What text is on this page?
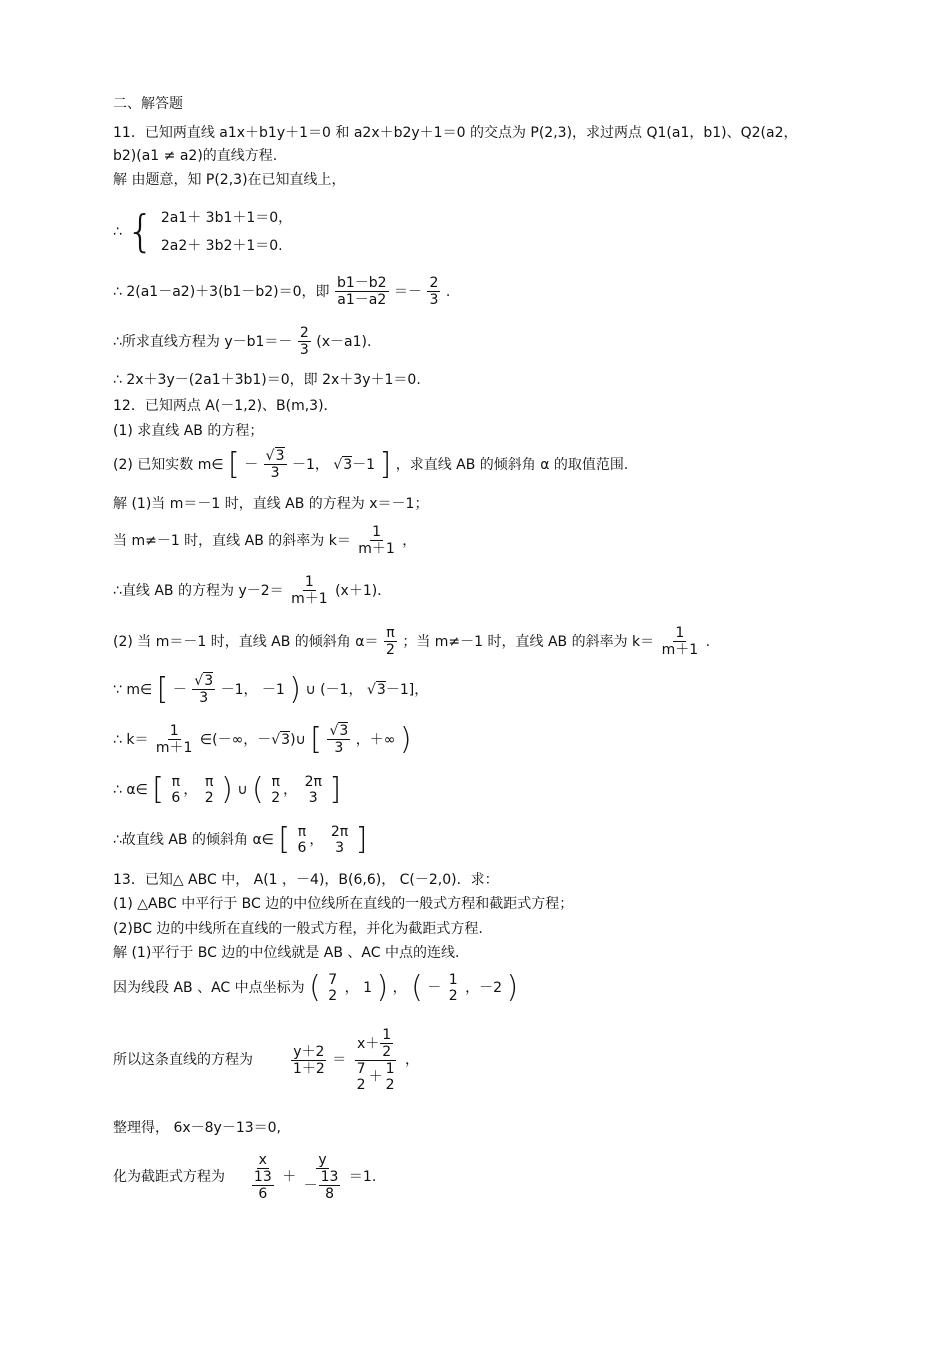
二、解答题
11．已知两直线 a1x＋b1y＋1＝0 和 a2x＋b2y＋1＝0 的交点为 P(2,3)，求过两点 Q1(a1，b1)、Q2(a2，
b2)(a1 ≠ a2)的直线方程.
解 由题意，知 P(2,3)在已知直线上，
∴ { 2a1＋ 3b1＋1＝0，
2a2＋ 3b2＋1＝0.
∴ 2(a1－a2)＋3(b1－b2)＝0，即 $\frac{b1-b2}{a1-a2} =- \frac{2}{3}$ .
∴所求直线方程为 $y-b1=- \frac{2}{3} (x-a1)$.
∴ 2x＋3y－(2a1＋3b1)＝0，即 2x＋3y＋1＝0.
12．已知两点 A(－1,2)、B(m,3)．
(1) 求直线 AB 的方程；
(2) 已知实数 m∈ [ － $\frac{√3}{3} -1$， √3－1 ] ，求直线 AB 的倾斜角 α 的取值范围.
解 (1)当 m＝－1 时，直线 AB 的方程为 x＝－1；
当 m≠－1 时，直线 AB 的斜率为 $k= \frac{1}{m+1}$ ，
∴直线 AB 的方程为 $y-2= \frac{1}{m+1} (x+1)$．
(2) 当 m＝－1 时，直线 AB 的倾斜角 $\alpha= \frac{\pi}{2}$ ；当 m≠－1 时，直线 AB 的斜率为 $k= \frac{1}{m+1}$ .
∵ m∈ [ － $\frac{√3}{3} -1$， －1 ) ∪ (－1， √3－1]，
∴ $k= \frac{1}{m+1}$ ∈(－∞，－√3)∪ [ $\frac{√3}{3}$ ，＋∞ )
∴ α∈ [ π
6 ， π
2 ) ∪ ( π
2 ， 2π
3 ]
∴故直线 AB 的倾斜角 α∈ [ π
6 ， 2π
3 ]
13．已知△ ABC 中， A(1 ，－4)，B(6,6)， C(－2,0)．求：
(1) △ABC 中平行于 BC 边的中位线所在直线的一般式方程和截距式方程；
(2)BC 边的中线所在直线的一般式方程，并化为截距式方程.
解 (1)平行于 BC 边的中位线就是 AB 、AC 中点的连线.
因为线段 AB 、AC 中点坐标为 ( 7
2 ， 1 ) ， ( － 1
2 ，－2 )
所以这条直线的方程为	$\frac{y+2}{1+2} = x+ \frac{1}{2}$
7
2 ＋ 1
2 ，
整理得， 6x－8y－13＝0,
化为截距式方程为 $\frac{x}{\frac{13}{6}} + \frac{y}{- \frac{13}{8}} =1$.
